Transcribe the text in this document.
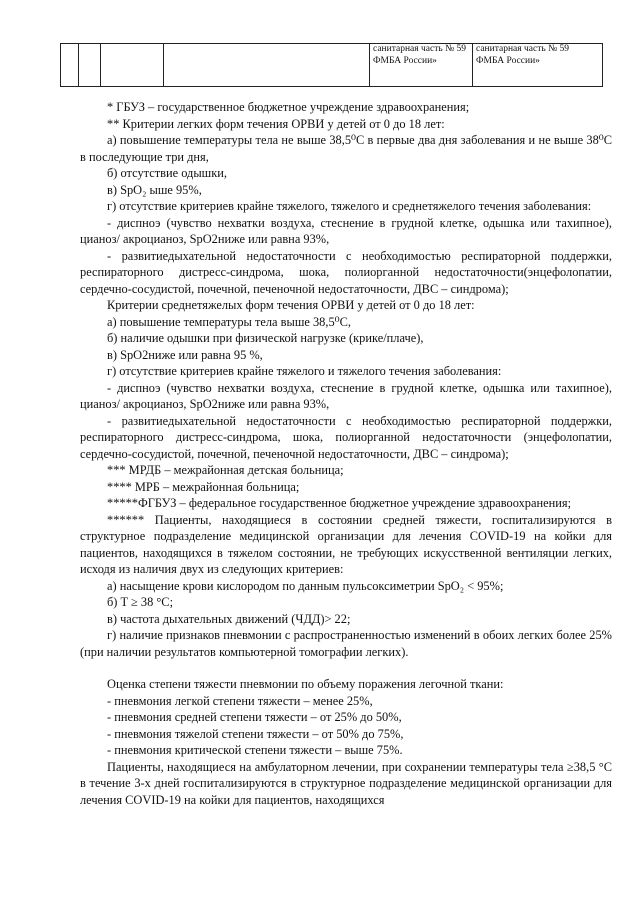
				санитарная часть № 59 ФМБА России»	санитарная часть № 59 ФМБА России»

* ГБУЗ – государственное бюджетное учреждение здравоохранения;

** Критерии легких форм течения ОРВИ у детей от 0 до 18 лет:

а) повышение температуры тела не выше 38,5⁰С в первые два дня заболевания и не выше 38⁰С в последующие три дня,

б) отсутствие одышки,

в) SpO₂ ыше 95%,

г) отсутствие критериев крайне тяжелого, тяжелого и среднетяжелого течения заболевания:

- диспноэ (чувство нехватки воздуха, стеснение в грудной клетке, одышка или тахипное), цианоз/ акроцианоз, SpO2ниже или равна 93%,

- развитиедыхательной недостаточности с необходимостью респираторной поддержки, респираторного дистресс-синдрома, шока, полиорганной недостаточности(энцефолопатии, сердечно-сосудистой, почечной, печеночной недостаточности, ДВС – синдрома);

Критерии среднетяжелых форм течения ОРВИ у детей от 0 до 18 лет:

а) повышение температуры тела выше 38,5⁰С,

б) наличие одышки при физической нагрузке (крике/плаче),

в) SpO2ниже или равна 95 %,

г) отсутствие критериев крайне тяжелого и тяжелого течения заболевания:

- диспноэ (чувство нехватки воздуха, стеснение в грудной клетке, одышка или тахипное), цианоз/ акроцианоз, SpO2ниже или равна 93%,

- развитиедыхательной недостаточности с необходимостью респираторной поддержки, респираторного дистресс-синдрома, шока, полиорганной недостаточности (энцефолопатии, сердечно-сосудистой, почечной, печеночной недостаточности, ДВС – синдрома);

*** МРДБ – межрайонная детская больница;

**** МРБ – межрайонная больница;

*****ФГБУЗ – федеральное государственное бюджетное учреждение здравоохранения;

****** Пациенты, находящиеся в состоянии средней тяжести, госпитализируются в структурное подразделение медицинской организации для лечения COVID-19 на койки для пациентов, находящихся в тяжелом состоянии, не требующих искусственной вентиляции легких, исходя из наличия двух из следующих критериев:

а) насыщение крови кислородом по данным пульсоксиметрии SpO₂ < 95%;

б) T ≥ 38 °C;

в) частота дыхательных движений (ЧДД)> 22;

г) наличие признаков пневмонии с распространенностью изменений в обоих легких более 25% (при наличии результатов компьютерной томографии легких).

Оценка степени тяжести пневмонии по объему поражения легочной ткани:

- пневмония легкой степени тяжести – менее 25%,

- пневмония средней степени тяжести – от 25% до 50%,

- пневмония тяжелой степени тяжести – от 50% до 75%,

- пневмония критической степени тяжести – выше 75%.

Пациенты, находящиеся на амбулаторном лечении, при сохранении температуры тела ≥38,5 °С в течение 3-х дней госпитализируются в структурное подразделение медицинской организации для лечения COVID-19 на койки для пациентов, находящихся
